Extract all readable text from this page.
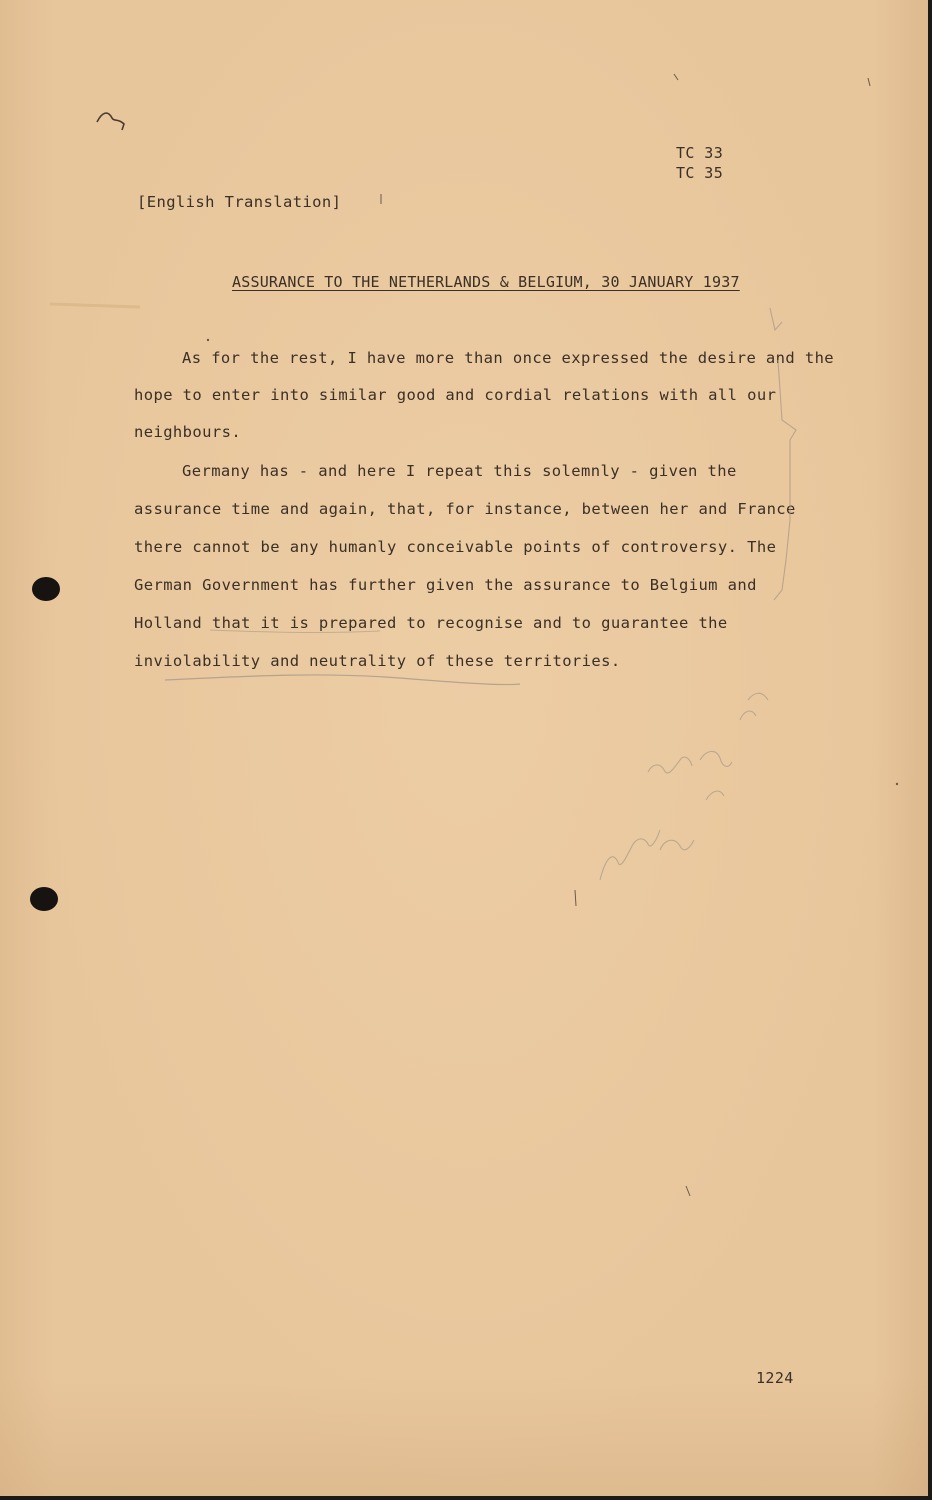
TC 33
TC 35
[English Translation]
ASSURANCE TO THE NETHERLANDS & BELGIUM, 30 JANUARY 1937
As for the rest, I have more than once expressed the desire and the
hope to enter into similar good and cordial relations with all our
neighbours.
Germany has - and here I repeat this solemnly - given the
assurance time and again, that, for instance, between her and France
there cannot be any humanly conceivable points of controversy. The
German Government has further given the assurance to Belgium and
Holland that it is prepared to recognise and to guarantee the
inviolability and neutrality of these territories.
1224
